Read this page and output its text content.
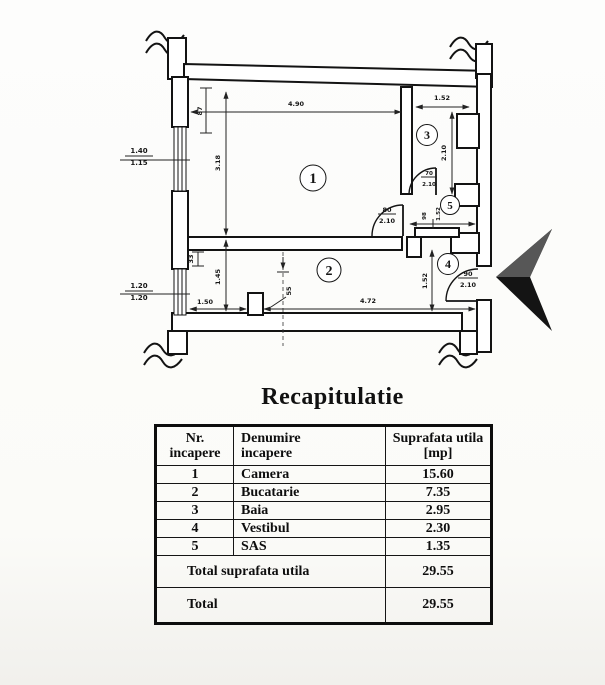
4.90
87
3.18
1.52
2.10
98 1.52
1.52
33
1.45
1.50	4.72
55
1.40
1.15
1.20
1.20
80
2.10
70
2.10
90
2.10
1
2
3
4
5
Recapitulatie
Nr.
incapere

Denumire
incapere

Suprafata utila
[mp]

1	Camera	15.60
2	Bucatarie	7.35
3	Baia	2.95
4	Vestibul	2.30
5	SAS	1.35
Total suprafata utila		29.55
Total		29.55
